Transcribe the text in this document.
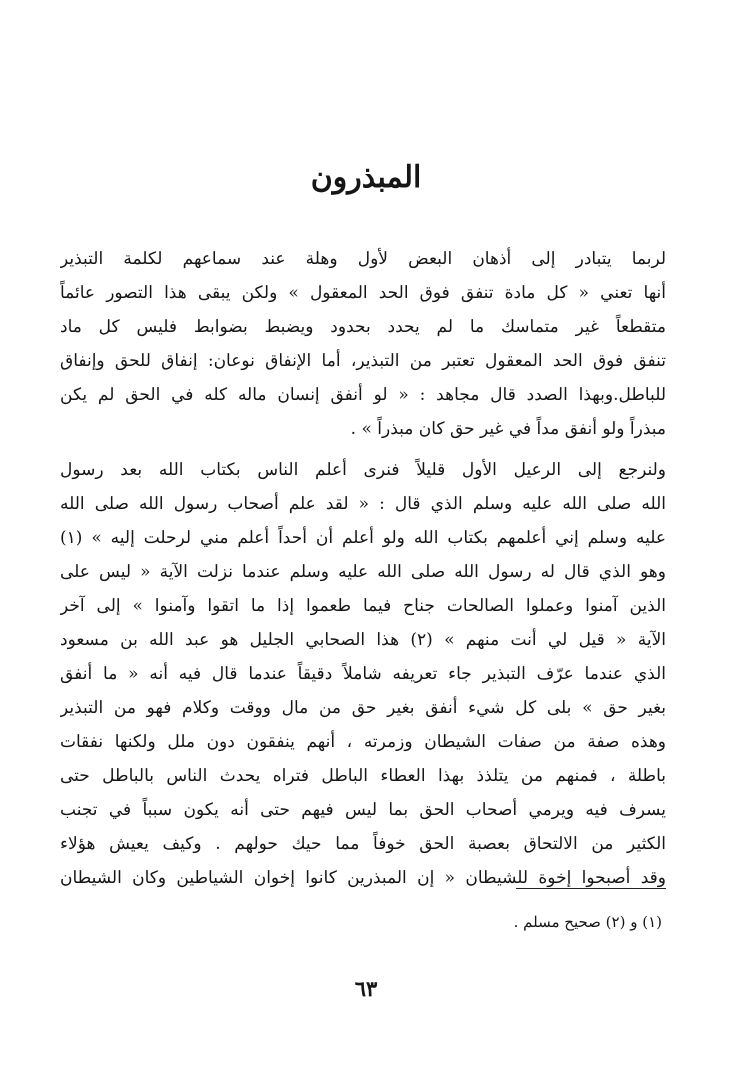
المبذرون
لربما يتبادر إلى أذهان البعض لأول وهلة عند سماعهم لكلمة التبذير
أنها تعني « كل مادة تنفق فوق الحد المعقول » ولكن يبقى هذا التصور عائماً
متقطعاً غير متماسك ما لم يحدد بحدود ويضبط بضوابط فليس كل ماد
تنفق فوق الحد المعقول تعتبر من التبذير، أما الإنفاق نوعان: إنفاق للحق وإنفاق
للباطل.وبهذا الصدد قال مجاهد : « لو أنفق إنسان ماله كله في الحق لم يكن
مبذراً ولو أنفق مداً في غير حق كان مبذراً » .
ولنرجع إلى الرعيل الأول قليلاً فنرى أعلم الناس بكتاب الله بعد رسول
الله صلى الله عليه وسلم الذي قال : « لقد علم أصحاب رسول الله صلى الله
عليه وسلم إني أعلمهم بكتاب الله ولو أعلم أن أحداً أعلم مني لرحلت إليه » (١)
وهو الذي قال له رسول الله صلى الله عليه وسلم عندما نزلت الآية « ليس على
الذين آمنوا وعملوا الصالحات جناح فيما طعموا إذا ما اتقوا وآمنوا » إلى آخر
الآية « قيل لي أنت منهم » (٢) هذا الصحابي الجليل هو عبد الله بن مسعود
الذي عندما عرّف التبذير جاء تعريفه شاملاً دقيقاً عندما قال فيه أنه « ما أنفق
بغير حق » بلى كل شيء أنفق بغير حق من مال ووقت وكلام فهو من التبذير
وهذه صفة من صفات الشيطان وزمرته ، أنهم ينفقون دون ملل ولكنها نفقات
باطلة ، فمنهم من يتلذذ بهذا العطاء الباطل فتراه يحدث الناس بالباطل حتى
يسرف فيه ويرمي أصحاب الحق بما ليس فيهم حتى أنه يكون سبباً في تجنب
الكثير من الالتحاق بعصبة الحق خوفاً مما حيك حولهم . وكيف يعيش هؤلاء
وقد أصبحوا إخوة للشيطان « إن المبذرين كانوا إخوان الشياطين وكان الشيطان
(١) و (٢) صحيح مسلم .
٦٣
